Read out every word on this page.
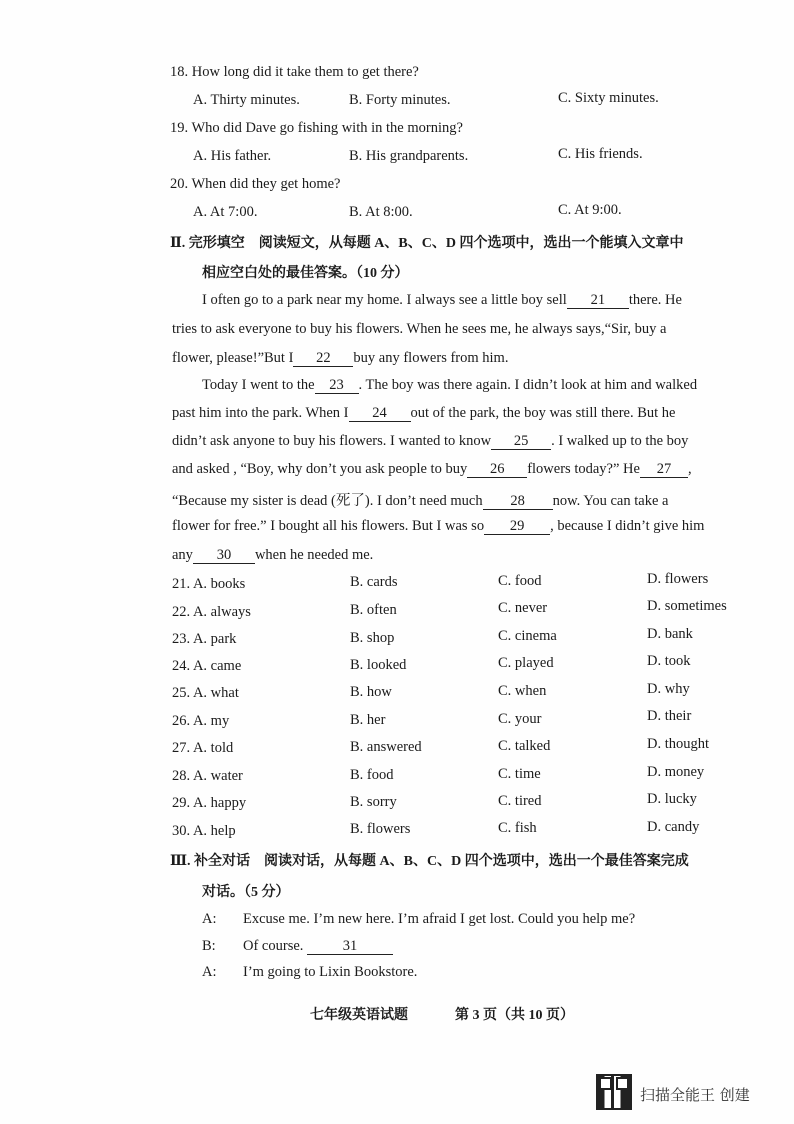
18. How long did it take them to get there?
A. Thirty minutes.	B. Forty minutes.	C. Sixty minutes.
19. Who did Dave go fishing with in the morning?
A. His father.	B. His grandparents.	C. His friends.
20. When did they get home?
A. At 7:00.	B. At 8:00.	C. At 9:00.
Ⅱ. 完形填空　阅读短文，从每题 A、B、C、D 四个选项中，选出一个能填入文章中
相应空白处的最佳答案。（10 分）
I often go to a park near my home. I always see a little boy sell 21 there. He
tries to ask everyone to buy his flowers. When he sees me, he always says,“Sir, buy a
flower, please!”But I 22 buy any flowers from him.
Today I went to the 23 . The boy was there again. I didn’t look at him and walked
past him into the park. When I 24 out of the park, the boy was still there. But he
didn’t ask anyone to buy his flowers. I wanted to know 25 . I walked up to the boy
and asked , “Boy, why don’t you ask people to buy 26 flowers today?” He 27 ,
“Because my sister is dead (死了). I don’t need much 28 now. You can take a
flower for free.” I bought all his flowers. But I was so 29 , because I didn’t give him
any 30 when he needed me.
21. A. books	B. cards	C. food	D. flowers
22. A. always	B. often	C. never	D. sometimes
23. A. park	B. shop	C. cinema	D. bank
24. A. came	B. looked	C. played	D. took
25. A. what	B. how	C. when	D. why
26. A. my	B. her	C. your	D. their
27. A. told	B. answered	C. talked	D. thought
28. A. water	B. food	C. time	D. money
29. A. happy	B. sorry	C. tired	D. lucky
30. A. help	B. flowers	C. fish	D. candy
Ⅲ. 补全对话　阅读对话，从每题 A、B、C、D 四个选项中，选出一个最佳答案完成
对话。（5 分）
A: Excuse me. I’m new here. I’m afraid I get lost. Could you help me?
B: Of course.	31
A: I’m going to Lixin Bookstore.
七年级英语试题	第 3 页（共 10 页）
扫描全能王 创建
